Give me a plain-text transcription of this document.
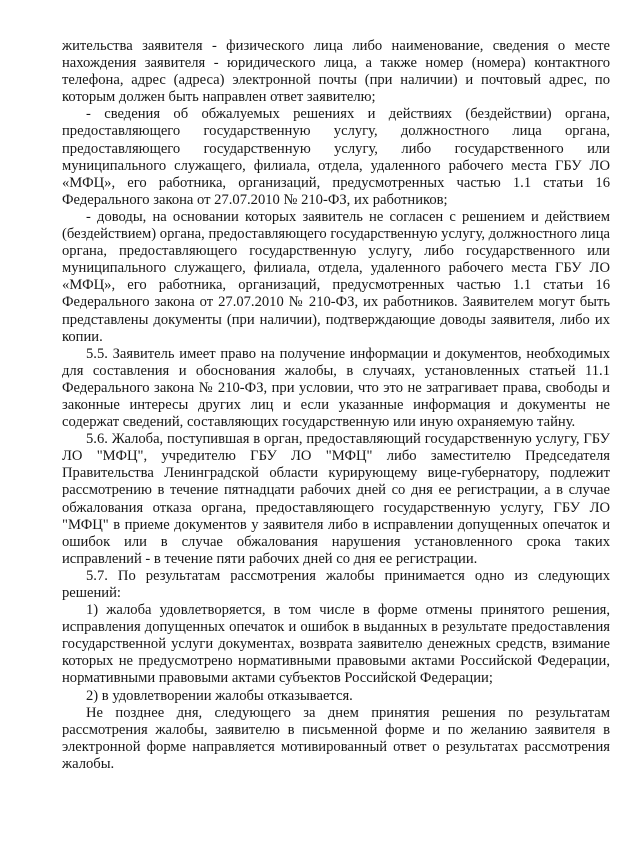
жительства заявителя - физического лица либо наименование, сведения о месте нахождения заявителя - юридического лица, а также номер (номера) контактного телефона, адрес (адреса) электронной почты (при наличии) и почтовый адрес, по которым должен быть направлен ответ заявителю;

- сведения об обжалуемых решениях и действиях (бездействии) органа, предоставляющего государственную услугу, должностного лица органа, предоставляющего государственную услугу, либо государственного или муниципального служащего, филиала, отдела, удаленного рабочего места ГБУ ЛО «МФЦ», его работника, организаций, предусмотренных частью 1.1 статьи 16 Федерального закона от 27.07.2010 № 210-ФЗ, их работников;

- доводы, на основании которых заявитель не согласен с решением и действием (бездействием) органа, предоставляющего государственную услугу, должностного лица органа, предоставляющего государственную услугу, либо государственного или муниципального служащего, филиала, отдела, удаленного рабочего места ГБУ ЛО «МФЦ», его работника, организаций, предусмотренных частью 1.1 статьи 16 Федерального закона от 27.07.2010 № 210-ФЗ, их работников. Заявителем могут быть представлены документы (при наличии), подтверждающие доводы заявителя, либо их копии.

5.5. Заявитель имеет право на получение информации и документов, необходимых для составления и обоснования жалобы, в случаях, установленных статьей 11.1 Федерального закона № 210-ФЗ, при условии, что это не затрагивает права, свободы и законные интересы других лиц и если указанные информация и документы не содержат сведений, составляющих государственную или иную охраняемую тайну.

5.6. Жалоба, поступившая в орган, предоставляющий государственную услугу, ГБУ ЛО "МФЦ", учредителю ГБУ ЛО "МФЦ" либо заместителю Председателя Правительства Ленинградской области курирующему вице-губернатору, подлежит рассмотрению в течение пятнадцати рабочих дней со дня ее регистрации, а в случае обжалования отказа органа, предоставляющего государственную услугу, ГБУ ЛО "МФЦ" в приеме документов у заявителя либо в исправлении допущенных опечаток и ошибок или в случае обжалования нарушения установленного срока таких исправлений - в течение пяти рабочих дней со дня ее регистрации.

5.7. По результатам рассмотрения жалобы принимается одно из следующих решений:

1) жалоба удовлетворяется, в том числе в форме отмены принятого решения, исправления допущенных опечаток и ошибок в выданных в результате предоставления государственной услуги документах, возврата заявителю денежных средств, взимание которых не предусмотрено нормативными правовыми актами Российской Федерации, нормативными правовыми актами субъектов Российской Федерации;

2) в удовлетворении жалобы отказывается.

Не позднее дня, следующего за днем принятия решения по результатам рассмотрения жалобы, заявителю в письменной форме и по желанию заявителя в электронной форме направляется мотивированный ответ о результатах рассмотрения жалобы.
